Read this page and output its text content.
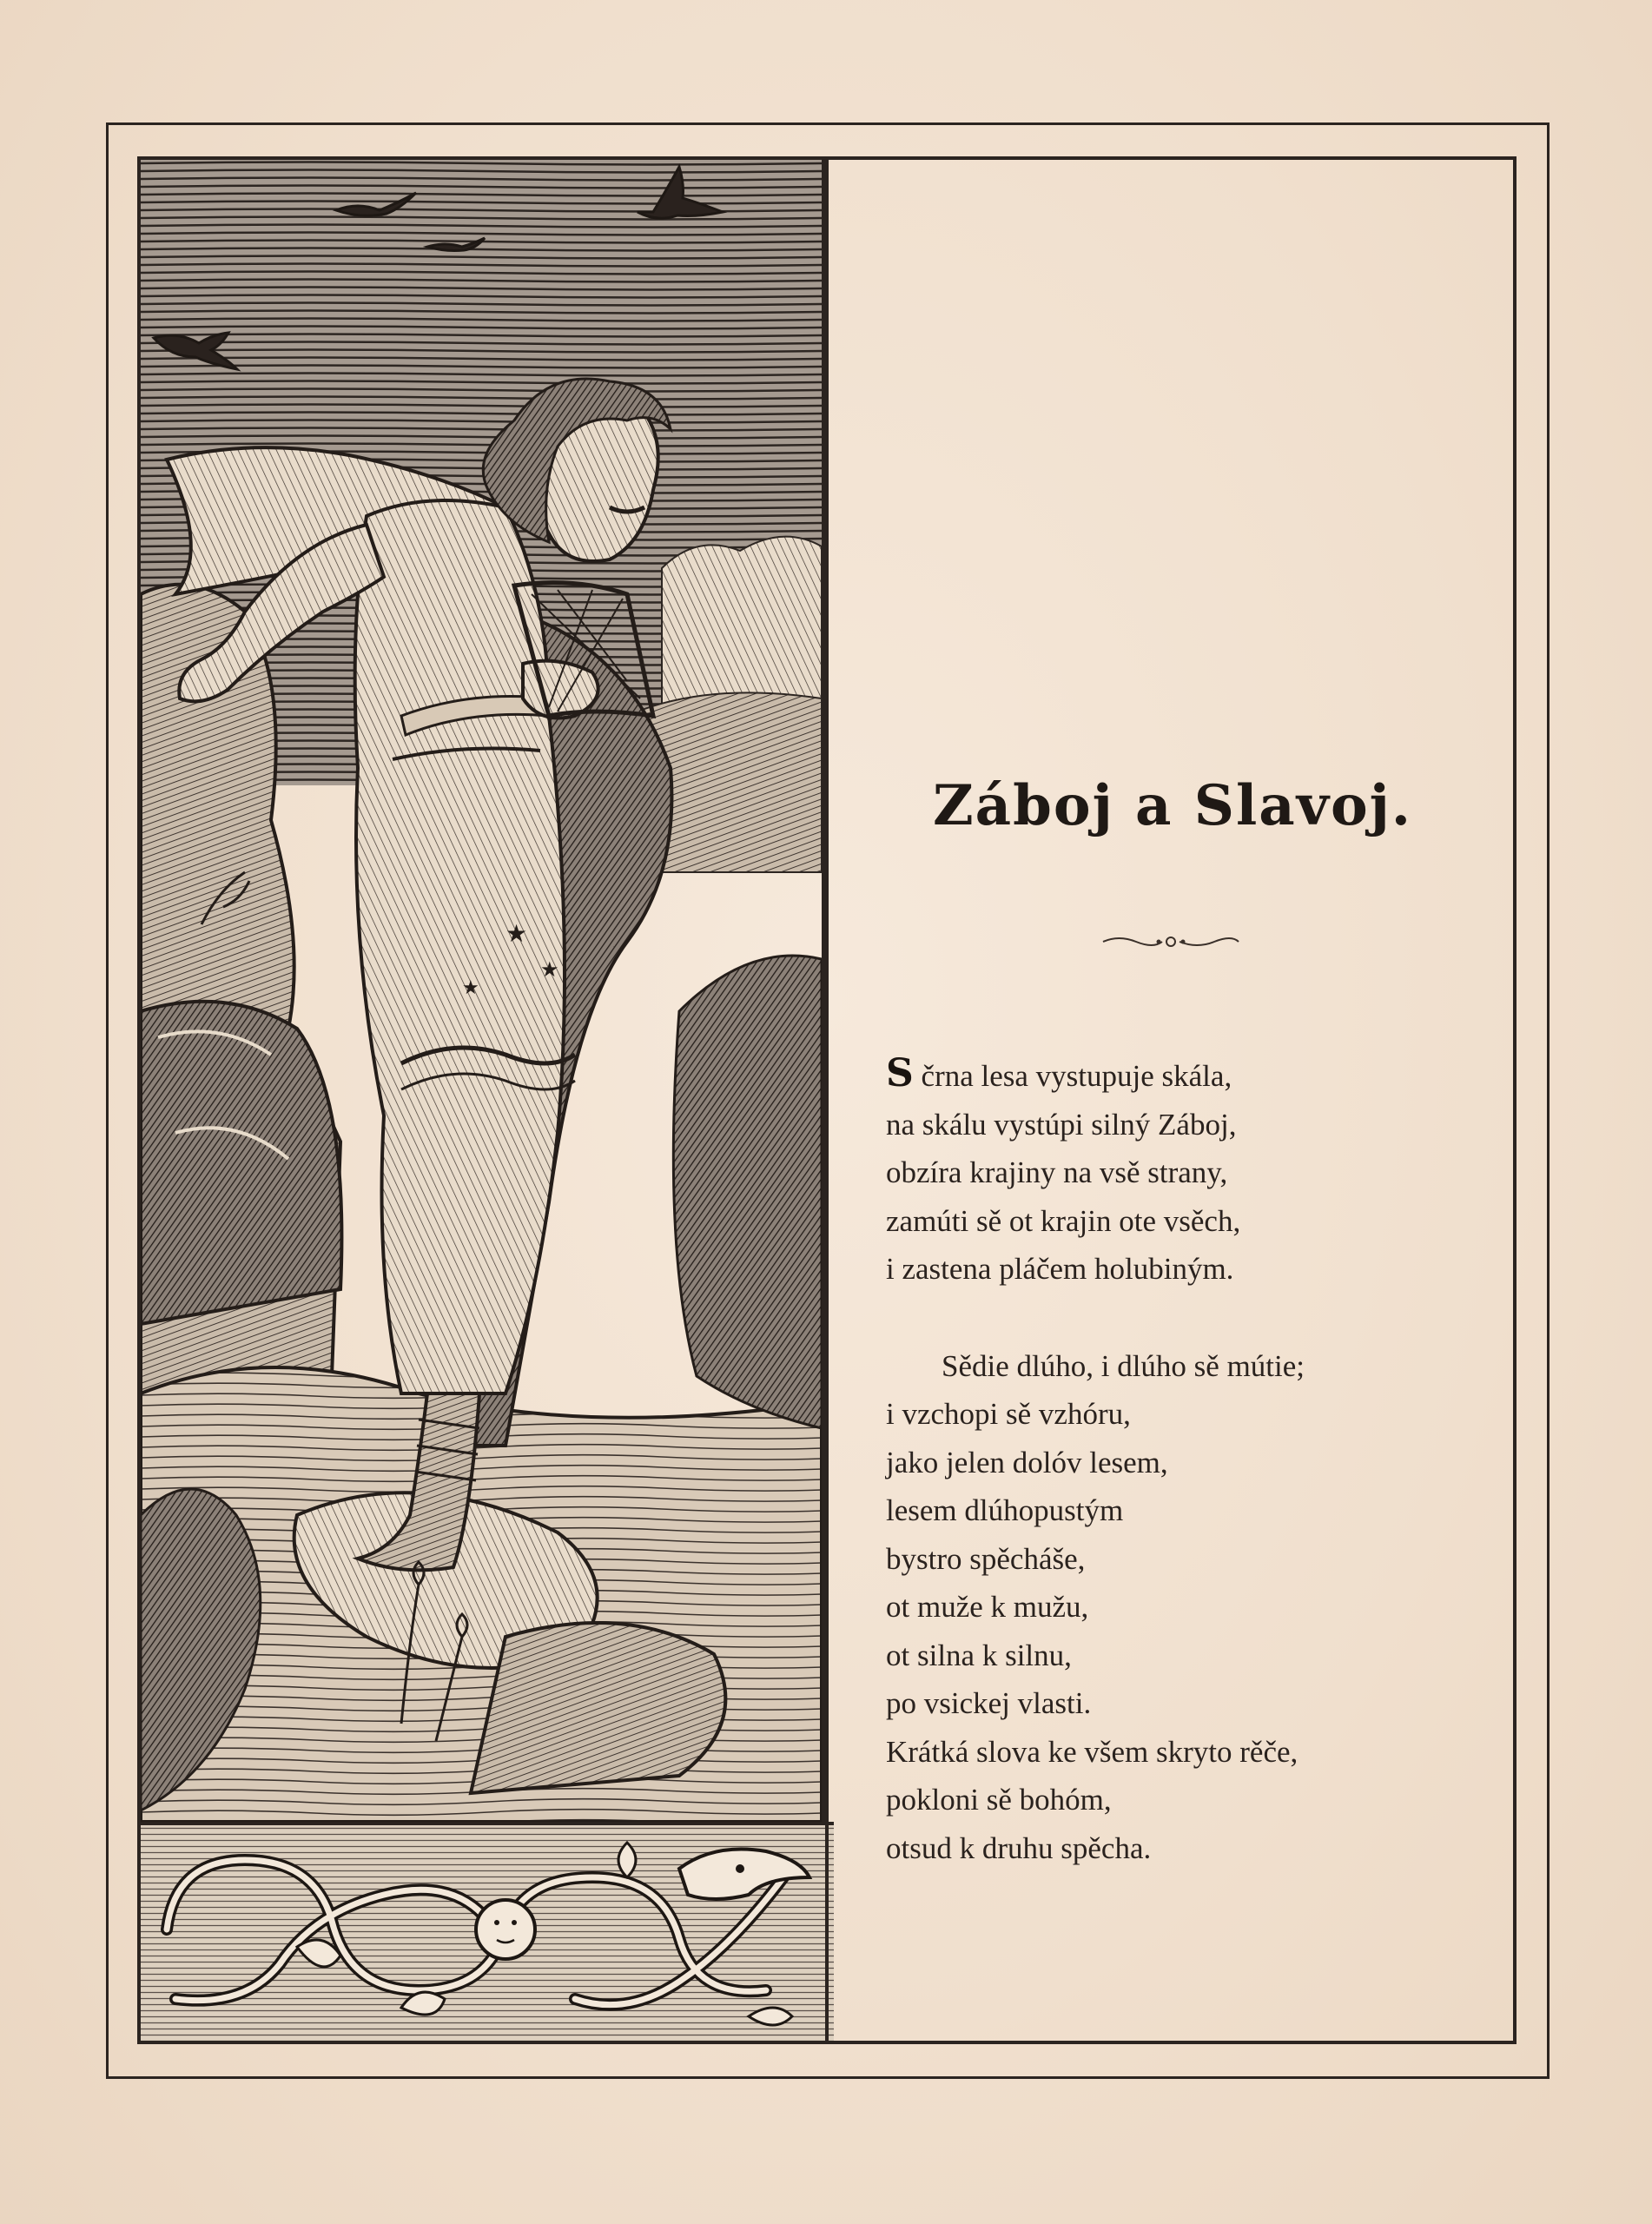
★
★
★
Záboj a Slavoj.
S črna lesa vystupuje skála,
na skálu vystúpi silný Záboj,
obzíra krajiny na vsě strany,
zamúti sě ot krajin ote vsěch,
i zastena pláčem holubiným.
Sědie dlúho, i dlúho sě mútie;
i vzchopi sě vzhóru,
jako jelen dolóv lesem,
lesem dlúhopustým
bystro spěcháše,
ot muže k mužu,
ot silna k silnu,
po vsickej vlasti.
Krátká slova ke všem skryto rěče,
pokloni sě bohóm,
otsud k druhu spěcha.
